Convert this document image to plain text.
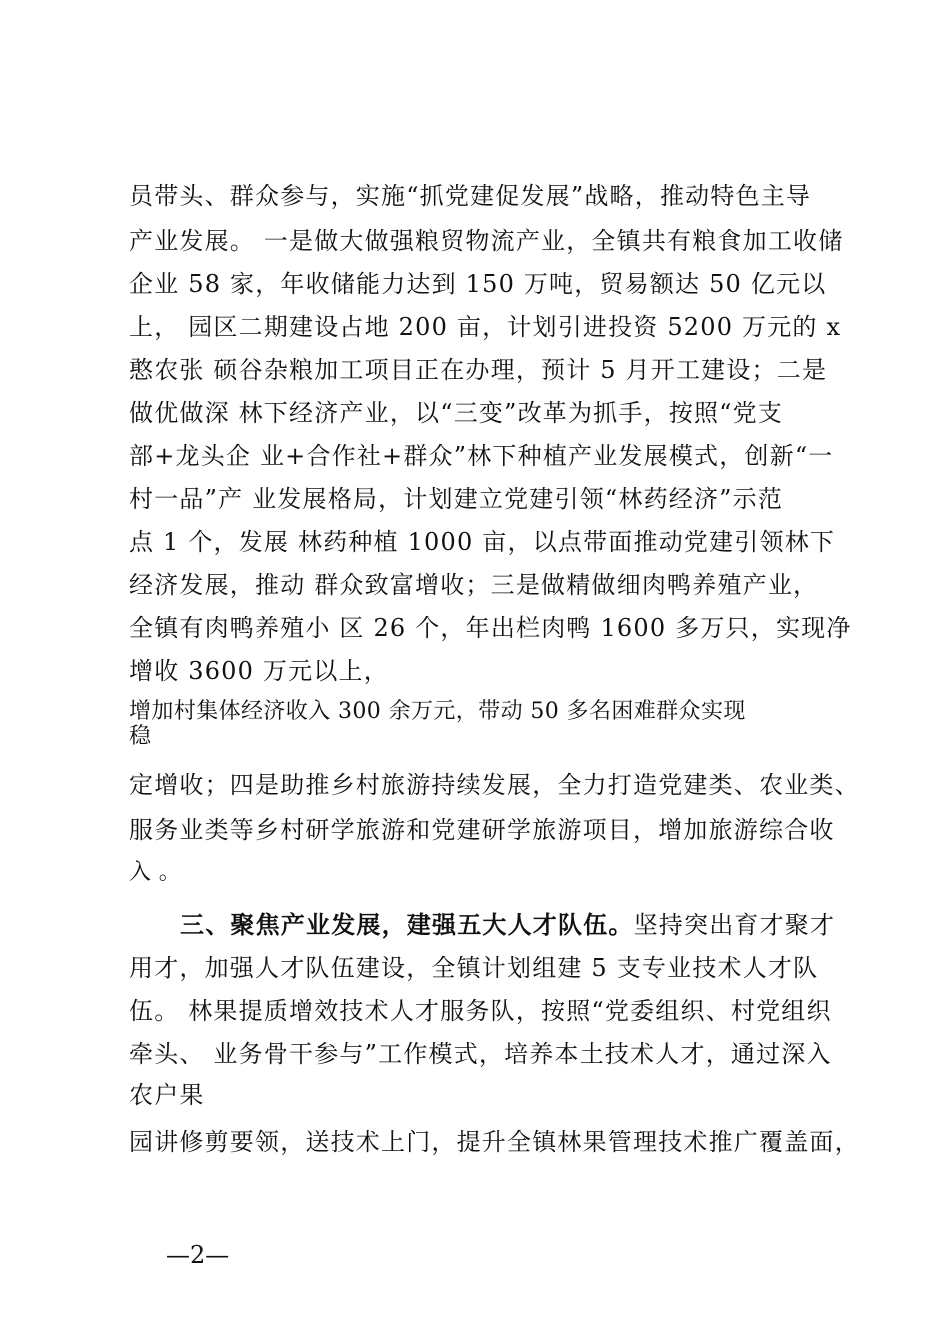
员带头、群众参与，实施“抓党建促发展”战略，推动特色主导
产业发展。 一是做大做强粮贸物流产业，全镇共有粮食加工收储
企业 58 家，年收储能力达到 150 万吨，贸易额达 50 亿元以
上， 园区二期建设占地 200 亩，计划引进投资 5200 万元的 x
憨农张 硕谷杂粮加工项目正在办理，预计 5 月开工建设；二是
做优做深 林下经济产业，以“三变”改革为抓手，按照“党支
部+龙头企 业+合作社+群众”林下种植产业发展模式，创新“一
村一品”产 业发展格局，计划建立党建引领“林药经济”示范
点 1 个，发展 林药种植 1000 亩，以点带面推动党建引领林下
经济发展，推动 群众致富增收；三是做精做细肉鸭养殖产业，
全镇有肉鸭养殖小 区 26 个，年出栏肉鸭 1600 多万只，实现净
增收 3600 万元以上，
增加村集体经济收入 300 余万元，带动 50 多名困难群众实现
稳
定增收；四是助推乡村旅游持续发展，全力打造党建类、农业类、
服务业类等乡村研学旅游和党建研学旅游项目，增加旅游综合收
入 。
三、聚焦产业发展，建强五大人才队伍。坚持突出育才聚才
用才，加强人才队伍建设，全镇计划组建 5 支专业技术人才队
伍。 林果提质增效技术人才服务队，按照“党委组织、村党组织
牵头、 业务骨干参与”工作模式，培养本土技术人才，通过深入
农户果
园讲修剪要领，送技术上门，提升全镇林果管理技术推广覆盖面，
—2—
